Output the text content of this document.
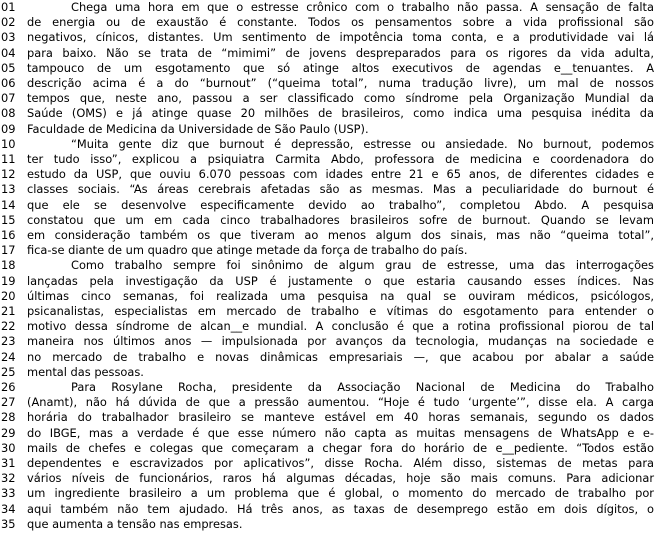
01	Chega uma hora em que o estresse crônico com o trabalho não passa. A sensação de falta
02	de energia ou de exaustão é constante. Todos os pensamentos sobre a vida profissional são
03	negativos, cínicos, distantes. Um sentimento de impotência toma conta, e a produtividade vai lá
04	para baixo. Não se trata de “mimimi” de jovens despreparados para os rigores da vida adulta,
05	tampouco de um esgotamento que só atinge altos executivos de agendas e__tenuantes. A
06	descrição acima é a do “burnout” (“queima total”, numa tradução livre), um mal de nossos
07	tempos que, neste ano, passou a ser classificado como síndrome pela Organização Mundial da
08	Saúde (OMS) e já atinge quase 20 milhões de brasileiros, como indica uma pesquisa inédita da
09	Faculdade de Medicina da Universidade de São Paulo (USP).
10	“Muita gente diz que burnout é depressão, estresse ou ansiedade. No burnout, podemos
11	ter tudo isso”, explicou a psiquiatra Carmita Abdo, professora de medicina e coordenadora do
12	estudo da USP, que ouviu 6.070 pessoas com idades entre 21 e 65 anos, de diferentes cidades e
13	classes sociais. “As áreas cerebrais afetadas são as mesmas. Mas a peculiaridade do burnout é
14	que ele se desenvolve especificamente devido ao trabalho”, completou Abdo. A pesquisa
15	constatou que um em cada cinco trabalhadores brasileiros sofre de burnout. Quando se levam
16	em consideração também os que tiveram ao menos algum dos sinais, mas não “queima total”,
17	fica-se diante de um quadro que atinge metade da força de trabalho do país.
18	Como trabalho sempre foi sinônimo de algum grau de estresse, uma das interrogações
19	lançadas pela investigação da USP é justamente o que estaria causando esses índices. Nas
20	últimas cinco semanas, foi realizada uma pesquisa na qual se ouviram médicos, psicólogos,
21	psicanalistas, especialistas em mercado de trabalho e vítimas do esgotamento para entender o
22	motivo dessa síndrome de alcan__e mundial. A conclusão é que a rotina profissional piorou de tal
23	maneira nos últimos anos — impulsionada por avanços da tecnologia, mudanças na sociedade e
24	no mercado de trabalho e novas dinâmicas empresariais —, que acabou por abalar a saúde
25	mental das pessoas.
26	Para Rosylane Rocha, presidente da Associação Nacional de Medicina do Trabalho
27	(Anamt), não há dúvida de que a pressão aumentou. “Hoje é tudo ‘urgente’”, disse ela. A carga
28	horária do trabalhador brasileiro se manteve estável em 40 horas semanais, segundo os dados
29	do IBGE, mas a verdade é que esse número não capta as muitas mensagens de WhatsApp e e-
30	mails de chefes e colegas que começaram a chegar fora do horário de e__pediente. “Todos estão
31	dependentes e escravizados por aplicativos”, disse Rocha. Além disso, sistemas de metas para
32	vários níveis de funcionários, raros há algumas décadas, hoje são mais comuns. Para adicionar
33	um ingrediente brasileiro a um problema que é global, o momento do mercado de trabalho por
34	aqui também não tem ajudado. Há três anos, as taxas de desemprego estão em dois dígitos, o
35	que aumenta a tensão nas empresas.
